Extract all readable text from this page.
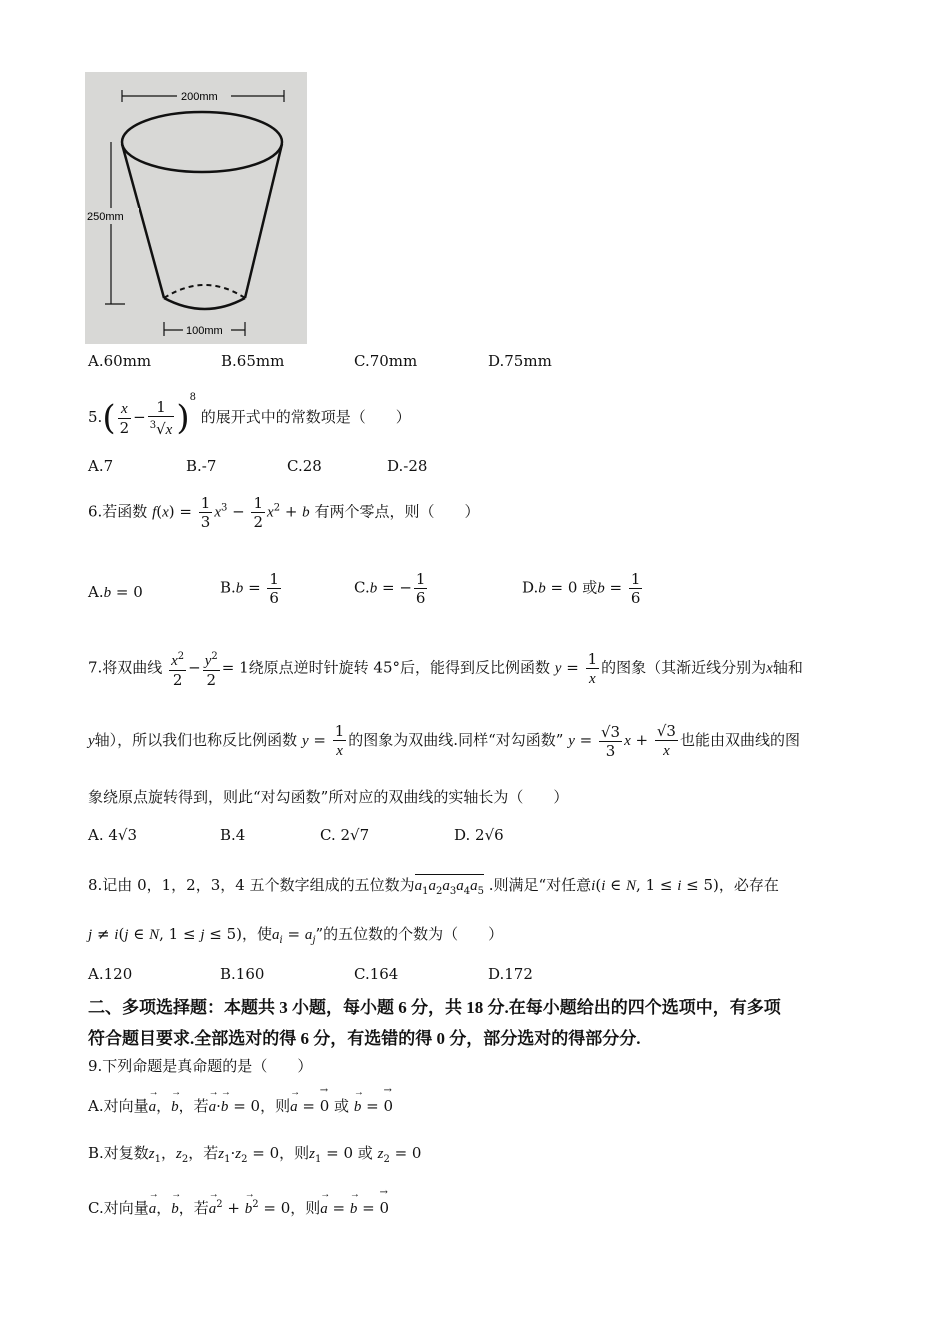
200mm
250mm
100mm
A.60mm	B.65mm	C.70mm	D.75mm
$5.( \frac{x}{2} - \frac{1}{^3√x} )^8$ 的展开式中的常数项是（　　）
A.7	B.-7	C.28	D.-28
6.若函数 $f(x) = \frac{1}{3} x^3 - \frac{1}{2} x^2 + b$ 有两个零点，则（　　）
A.b = 0	$B.b = \frac{1}{6}$	C.b = − $\frac{1}{6}$	D.b = 0 或$b = \frac{1}{6}$
7.将双曲线 $\frac{x^2}{2} - \frac{y^2}{2} = 1$绕原点逆时针旋转 45°后，能得到反比例函数 $y = \frac{1}{x}$ 的图象（其渐近线分别为x轴和
y轴），所以我们也称反比例函数 $y = \frac{1}{x}$ 的图象为双曲线.同样“对勾函数” $y = \frac{√3}{3}$ $x + \frac{√3}{x}$ 也能由双曲线的图
象绕原点旋转得到，则此“对勾函数”所对应的双曲线的实轴长为（　　）
A. 4√3	B.4	C. 2√7	D. 2√6
8.记由 0，1，2，3，4 五个数字组成的五位数为$a_1a_2a_3a_4a_5$ .则满足“对任意i(i ∈ N, 1 ≤ i ≤ 5)，必存在
j ≠ i(j ∈ N, 1 ≤ j ≤ 5)，使$a_i = a_j$”的五位数的个数为（　　）
A.120	B.160	C.164	D.172
二、多项选择题：本题共 3 小题，每小题 6 分，共 18 分.在每小题给出的四个选项中，有多项
符合题目要求.全部选对的得 6 分，有选错的得 0 分，部分选对的得部分分.
9.下列命题是真命题的是（　　）
A.对向量→ a，→ b，若→ a·→ b = 0，则→ a = → 0 或 → b = → 0
B.对复数$z_1$，$z_2$，若$z_1\cdot z_2 = 0$，则$z_1 = 0$ 或 $z_2 = 0$
C.对向量→ a，→ b，若→ $a^2$ + → $b^2 = 0$，则→ a = → b = → 0
